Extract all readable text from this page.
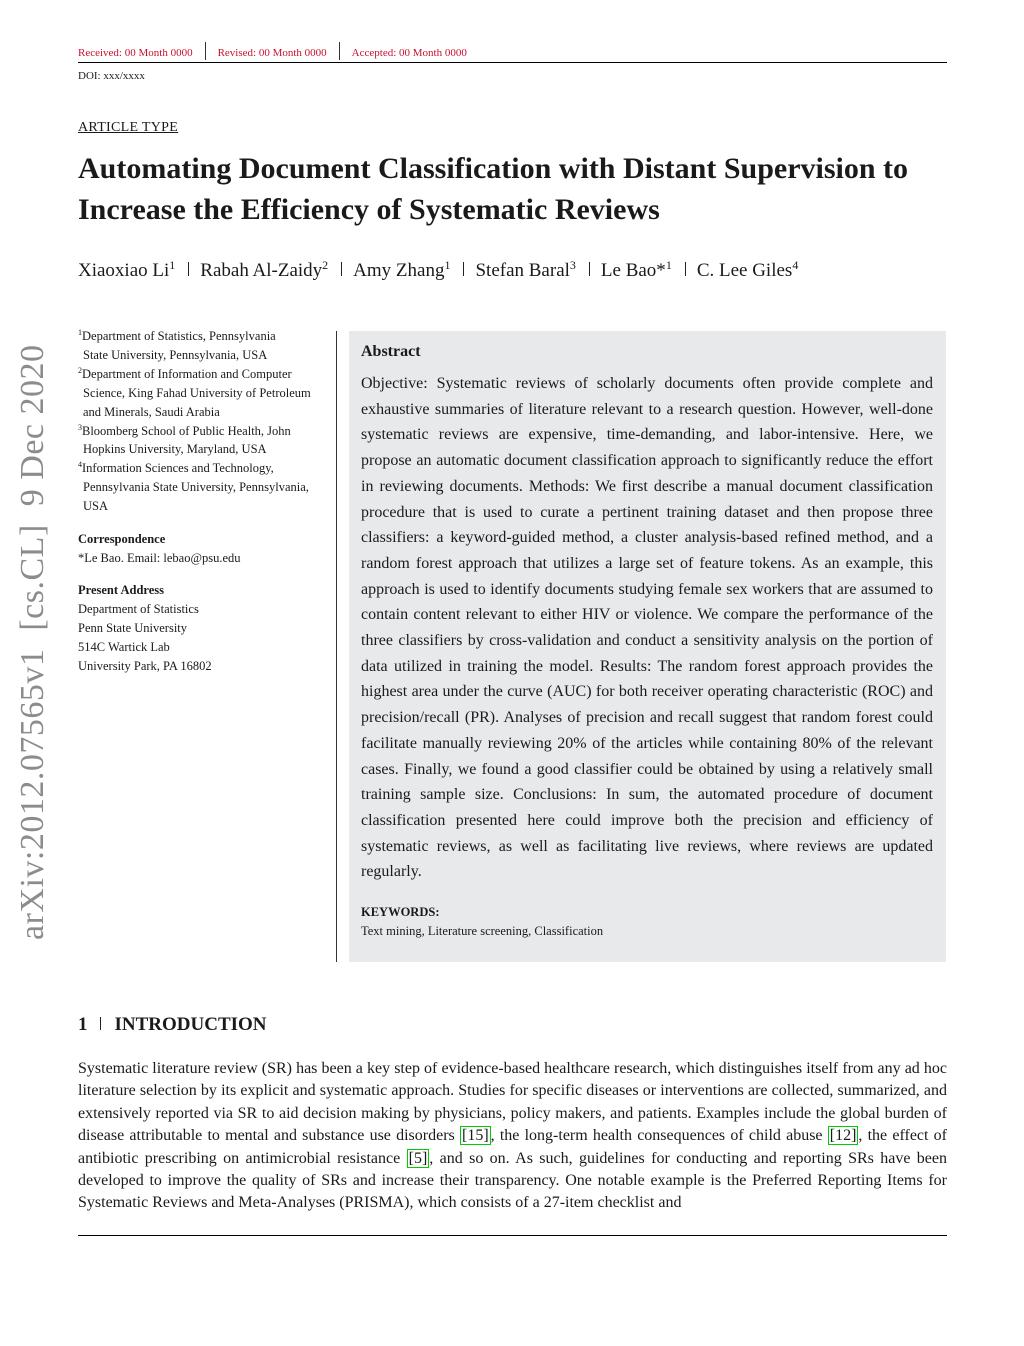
Received: 00 Month 0000 Revised: 00 Month 0000 Accepted: 00 Month 0000
DOI: xxx/xxxx
ARTICLE TYPE
Automating Document Classification with Distant Supervision to Increase the Efficiency of Systematic Reviews
Xiaoxiao Li$^1$ Rabah Al-Zaidy$^2$ Amy Zhang$^1$ Stefan Baral$^3$ Le Bao*$^1$ C. Lee Giles$^4$
arXiv:2012.07565v1  [cs.CL]  9 Dec 2020
$^1$Department of Statistics, Pennsylvania
State University, Pennsylvania, USA
$^2$Department of Information and Computer
Science, King Fahad University of Petroleum and Minerals, Saudi Arabia
$^3$Bloomberg School of Public Health, John
Hopkins University, Maryland, USA
$^4$Information Sciences and Technology,
Pennsylvania State University, Pennsylvania, USA
Correspondence
*Le Bao. Email: lebao@psu.edu
Present Address
Department of Statistics
Penn State University
514C Wartick Lab
University Park, PA 16802
Abstract
Objective: Systematic reviews of scholarly documents often provide complete and exhaustive summaries of literature relevant to a research question. However, well-done systematic reviews are expensive, time-demanding, and labor-intensive. Here, we propose an automatic document classification approach to significantly reduce the effort in reviewing documents. Methods: We first describe a manual document classification procedure that is used to curate a pertinent training dataset and then propose three classifiers: a keyword-guided method, a cluster analysis-based refined method, and a random forest approach that utilizes a large set of feature tokens. As an example, this approach is used to identify documents studying female sex workers that are assumed to contain content relevant to either HIV or violence. We compare the performance of the three classifiers by cross-validation and conduct a sensitivity analysis on the portion of data utilized in training the model. Results: The random forest approach provides the highest area under the curve (AUC) for both receiver operating characteristic (ROC) and precision/recall (PR). Analyses of precision and recall suggest that random forest could facilitate manually reviewing 20% of the articles while containing 80% of the relevant cases. Finally, we found a good classifier could be obtained by using a relatively small training sample size. Conclusions: In sum, the automated procedure of document classification presented here could improve both the precision and efficiency of systematic reviews, as well as facilitating live reviews, where reviews are updated regularly.
KEYWORDS:
Text mining, Literature screening, Classification
1 INTRODUCTION
Systematic literature review (SR) has been a key step of evidence-based healthcare research, which distinguishes itself from any ad hoc literature selection by its explicit and systematic approach. Studies for specific diseases or interventions are collected, summarized, and extensively reported via SR to aid decision making by physicians, policy makers, and patients. Examples include the global burden of disease attributable to mental and substance use disorders [15] , the long-term health consequences of child abuse [12] , the effect of antibiotic prescribing on antimicrobial resistance [5] , and so on. As such, guidelines for conducting and reporting SRs have been developed to improve the quality of SRs and increase their transparency. One notable example is the Preferred Reporting Items for Systematic Reviews and Meta-Analyses (PRISMA), which consists of a 27-item checklist and
